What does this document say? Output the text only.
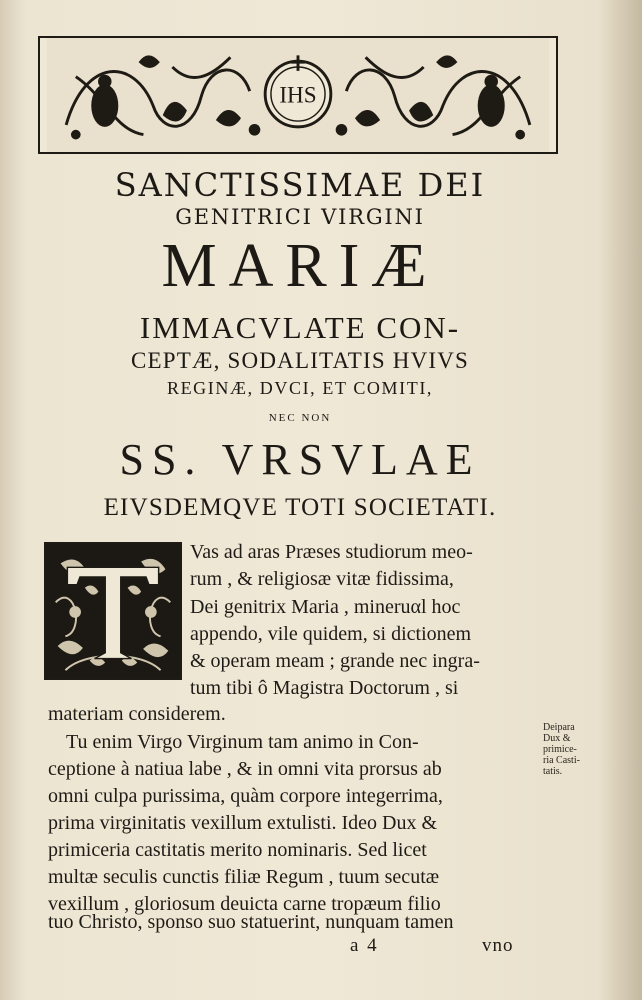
IHS
SANCTISSIMAE DEI
GENITRICI VIRGINI
MARIÆ
IMMACVLATE CON-
CEPTÆ, SODALITATIS HVIVS
REGINÆ, DVCI, ET COMITI,
NEC NON
SS. VRSVLAE
EIVSDEMQVE TOTI SOCIETATI.
T
Vas ad aras Præses studiorum meo-
rum , & religiosæ vitæ fidissima,
Dei genitrix Maria , mineruαl hoc
appendo, vile quidem, si dictionem
& operam meam ; grande nec ingra-
tum tibi ô Magistra Doctorum , si
materiam considerem.
Tu enim Virgo Virginum tam animo in Con-
ceptione à natiua labe , & in omni vita prorsus ab
omni culpa purissima, quàm corpore integerrima,
prima virginitatis vexillum extulisti. Ideo Dux &
primiceria castitatis merito nominaris. Sed licet
multæ seculis cunctis filiæ Regum , tuum secutæ
vexillum , gloriosum deuicta carne tropæum filio
tuo Christo, sponso suo statuerint, nunquam tamen
Deipara
Dux &
primice-
ria Casti-
tatis.
a 4	vno
